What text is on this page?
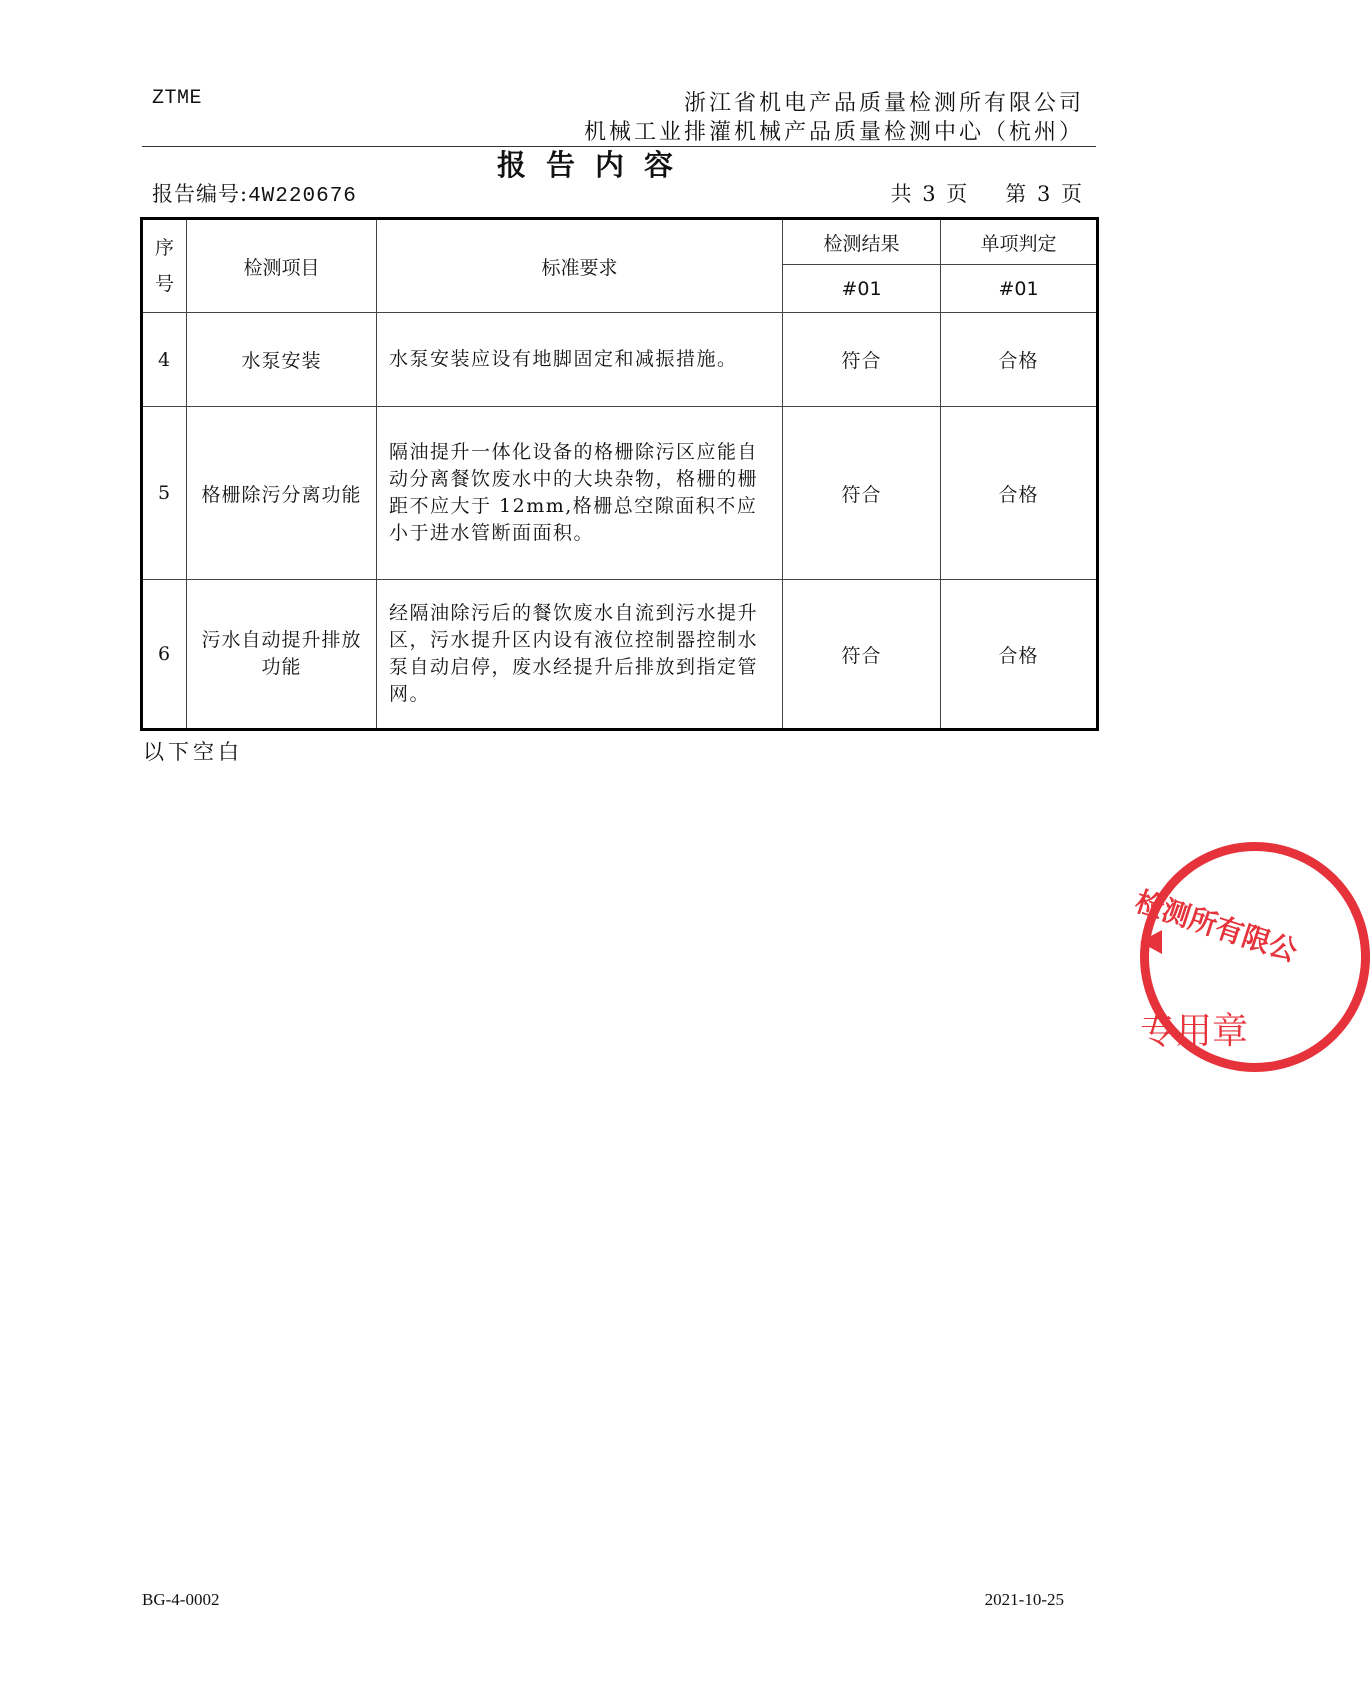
ZTME	浙江省机电产品质量检测所有限公司
机械工业排灌机械产品质量检测中心（杭州）
报告内容
报告编号:4W220676	共 3 页 第 3 页
序
号	检测项目	标准要求	检测结果	单项判定
			#01	#01
4	水泵安装	水泵安装应设有地脚固定和减振措施。	符合	合格
5	格栅除污分离功能	隔油提升一体化设备的格栅除污区应能自动分离餐饮废水中的大块杂物，格栅的栅距不应大于 12mm,格栅总空隙面积不应小于进水管断面面积。	符合	合格
6	污水自动提升排放功能	经隔油除污后的餐饮废水自流到污水提升区，污水提升区内设有液位控制器控制水泵自动启停，废水经提升后排放到指定管网。	符合	合格
以下空白
检测所有限公
专用章
BG-4-0002	2021-10-25
